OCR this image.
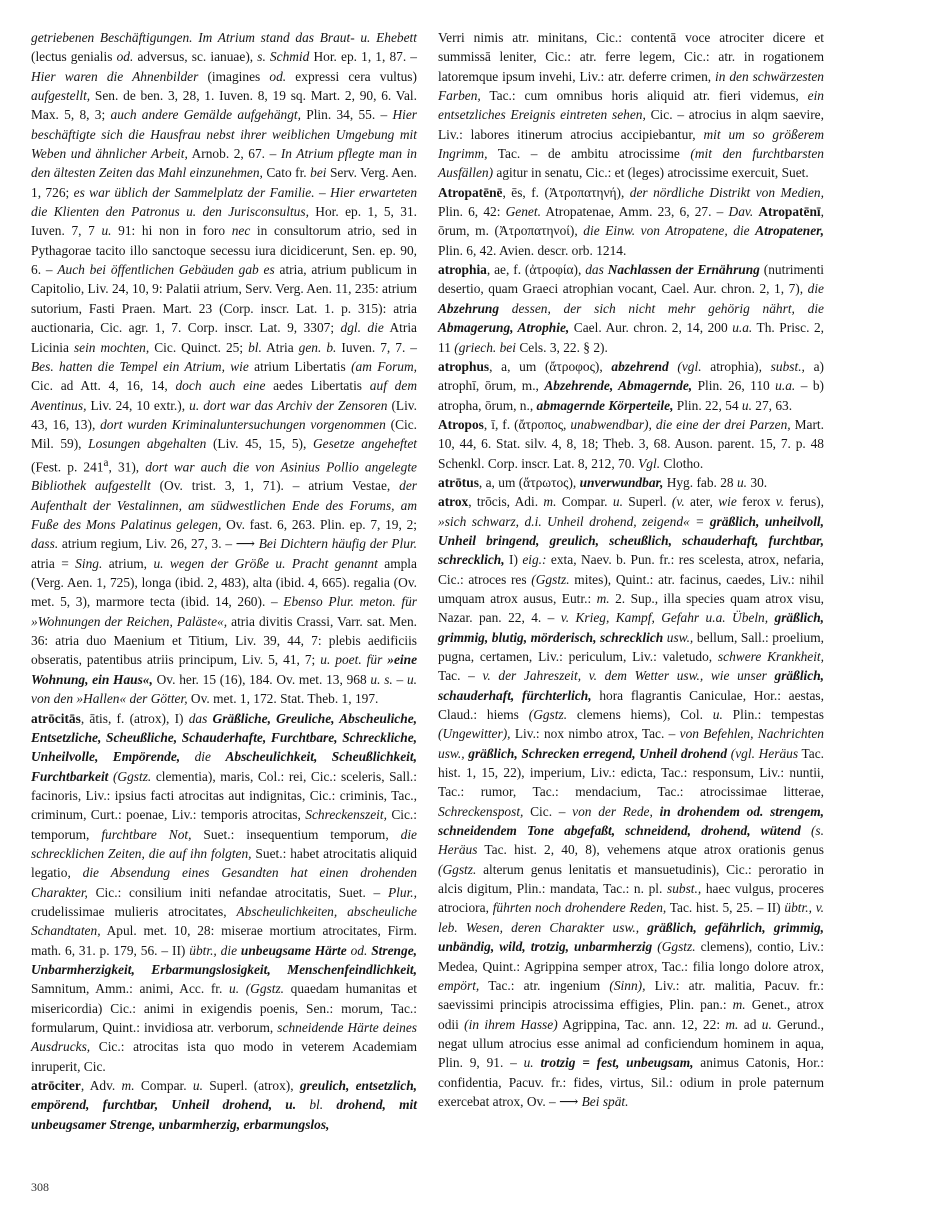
getriebenen Beschäftigungen. Im Atrium stand das Braut- u. Ehebett (lectus genialis od. adversus, sc. ianuae), s. Schmid Hor. ep. 1, 1, 87. – Hier waren die Ahnenbilder (imagines od. expressi cera vultus) aufgestellt, Sen. de ben. 3, 28, 1. Iuven. 8, 19 sq. Mart. 2, 90, 6. Val. Max. 5, 8, 3; auch andere Gemälde aufgehängt, Plin. 34, 55. – Hier beschäftigte sich die Hausfrau nebst ihrer weiblichen Umgebung mit Weben und ähnlicher Arbeit, Arnob. 2, 67. – In Atrium pflegte man in den ältesten Zeiten das Mahl einzunehmen, Cato fr. bei Serv. Verg. Aen. 1, 726; es war üblich der Sammelplatz der Familie. – Hier erwarteten die Klienten den Patronus u. den Jurisconsultus, Hor. ep. 1, 5, 31. Iuven. 7, 7 u. 91: hi non in foro nec in consultorum atrio, sed in Pythagorae tacito illo sanctoque secessu iura dicidicerunt, Sen. ep. 90, 6. – Auch bei öffentlichen Gebäuden gab es atria, atrium publicum in Capitolio, Liv. 24, 10, 9: Palatii atrium, Serv. Verg. Aen. 11, 235: atrium sutorium, Fasti Praen. Mart. 23 (Corp. inscr. Lat. 1. p. 315): atria auctionaria, Cic. agr. 1, 7. Corp. inscr. Lat. 9, 3307; dgl. die Atria Licinia sein mochten, Cic. Quinct. 25; bl. Atria gen. b. Iuven. 7, 7. – Bes. hatten die Tempel ein Atrium, wie atrium Libertatis (am Forum, Cic. ad Att. 4, 16, 14, doch auch eine aedes Libertatis auf dem Aventinus, Liv. 24, 10 extr.), u. dort war das Archiv der Zensoren (Liv. 43, 16, 13), dort wurden Kriminaluntersuchungen vorgenommen (Cic. Mil. 59), Losungen abgehalten (Liv. 45, 15, 5), Gesetze angeheftet (Fest. p. 241$^a$, 31), dort war auch die von Asinius Pollio angelegte Bibliothek aufgestellt (Ov. trist. 3, 1, 71). – atrium Vestae, der Aufenthalt der Vestalinnen, am südwestlichen Ende des Forums, am Fuße des Mons Palatinus gelegen, Ov. fast. 6, 263. Plin. ep. 7, 19, 2; dass. atrium regium, Liv. 26, 27, 3. – ⟶ Bei Dichtern häufig der Plur. atria = Sing. atrium, u. wegen der Größe u. Pracht genannt ampla (Verg. Aen. 1, 725), longa (ibid. 2, 483), alta (ibid. 4, 665). regalia (Ov. met. 5, 3), marmore tecta (ibid. 14, 260). – Ebenso Plur. meton. für »Wohnungen der Reichen, Paläste«, atria divitis Crassi, Varr. sat. Men. 36: atria duo Maenium et Titium, Liv. 39, 44, 7: plebis aedificiis obseratis, patentibus atriis principum, Liv. 5, 41, 7; u. poet. für »eine Wohnung, ein Haus«, Ov. her. 15 (16), 184. Ov. met. 13, 968 u. s. – u. von den »Hallen« der Götter, Ov. met. 1, 172. Stat. Theb. 1, 197.

atrōcitās, ātis, f. (atrox), I) das Gräßliche, Greuliche, Abscheuliche, Entsetzliche, Scheußliche, Schauderhafte, Furchtbare, Schreckliche, Unheilvolle, Empörende, die Abscheulichkeit, Scheußlichkeit, Furchtbarkeit (Ggstz. clementia), maris, Col.: rei, Cic.: sceleris, Sall.: facinoris, Liv.: ipsius facti atrocitas aut indignitas, Cic.: criminis, Tac., criminum, Curt.: poenae, Liv.: temporis atrocitas, Schreckenszeit, Cic.: temporum, furchtbare Not, Suet.: insequentium temporum, die schrecklichen Zeiten, die auf ihn folgten, Suet.: habet atrocitatis aliquid legatio, die Absendung eines Gesandten hat einen drohenden Charakter, Cic.: consilium initi nefandae atrocitatis, Suet. – Plur., crudelissimae mulieris atrocitates, Abscheulichkeiten, abscheuliche Schandtaten, Apul. met. 10, 28: miserae mortium atrocitates, Firm. math. 6, 31. p. 179, 56. – II) übtr., die unbeugsame Härte od. Strenge, Unbarmherzigkeit, Erbarmungslosigkeit, Menschenfeindlichkeit, Samnitum, Amm.: animi, Acc. fr. u. (Ggstz. quaedam humanitas et misericordia) Cic.: animi in exigendis poenis, Sen.: morum, Tac.: formularum, Quint.: invidiosa atr. verborum, schneidende Härte deines Ausdrucks, Cic.: atrocitas ista quo modo in veterem Academiam inruperit, Cic.

atrōciter, Adv. m. Compar. u. Superl. (atrox), greulich, entsetzlich, empörend, furchtbar, Unheil drohend, u. bl. drohend, mit unbeugsamer Strenge, unbarmherzig, erbarmungslos,

Verri nimis atr. minitans, Cic.: contentā voce atrociter dicere et summissā leniter, Cic.: atr. ferre legem, Cic.: atr. in rogationem latoremque ipsum invehi, Liv.: atr. deferre crimen, in den schwärzesten Farben, Tac.: cum omnibus horis aliquid atr. fieri videmus, ein entsetzliches Ereignis eintreten sehen, Cic. – atrocius in alqm saevire, Liv.: labores itinerum atrocius accipiebantur, mit um so größerem Ingrimm, Tac. – de ambitu atrocissime (mit den furchtbarsten Ausfällen) agitur in senatu, Cic.: et (leges) atrocissime exercuit, Suet.

Atropatēnē, ēs, f. (Ἀτροπατηνή), der nördliche Distrikt von Medien, Plin. 6, 42: Genet. Atropatenae, Amm. 23, 6, 27. – Dav. Atropatēnī, ōrum, m. (Ἀτροπατηνοί), die Einw. von Atropatene, die Atropatener, Plin. 6, 42. Avien. descr. orb. 1214.

atrophia, ae, f. (ἀτροφία), das Nachlassen der Ernährung (nutrimenti desertio, quam Graeci atrophian vocant, Cael. Aur. chron. 2, 1, 7), die Abzehrung dessen, der sich nicht mehr gehörig nährt, die Abmagerung, Atrophie, Cael. Aur. chron. 2, 14, 200 u.a. Th. Prisc. 2, 11 (griech. bei Cels. 3, 22. § 2).

atrophus, a, um (ἄτροφος), abzehrend (vgl. atrophia), subst., a) atrophī, ōrum, m., Abzehrende, Abmagernde, Plin. 26, 110 u.a. – b) atropha, ōrum, n., abmagernde Körperteile, Plin. 22, 54 u. 27, 63.

Atropos, ī, f. (ἄτροπος, unabwendbar), die eine der drei Parzen, Mart. 10, 44, 6. Stat. silv. 4, 8, 18; Theb. 3, 68. Auson. parent. 15, 7. p. 48 Schenkl. Corp. inscr. Lat. 8, 212, 70. Vgl. Clotho.

atrōtus, a, um (ἄτρωτος), unverwundbar, Hyg. fab. 28 u. 30.

atrox, trōcis, Adi. m. Compar. u. Superl. (v. ater, wie ferox v. ferus), »sich schwarz, d.i. Unheil drohend, zeigend« = gräßlich, unheilvoll, Unheil bringend, greulich, scheußlich, schauderhaft, furchtbar, schrecklich, I) eig.: exta, Naev. b. Pun. fr.: res scelesta, atrox, nefaria, Cic.: atroces res (Ggstz. mites), Quint.: atr. facinus, caedes, Liv.: nihil umquam atrox ausus, Eutr.: m. 2. Sup., illa species quam atrox visu, Nazar. pan. 22, 4. – v. Krieg, Kampf, Gefahr u.a. Übeln, gräßlich, grimmig, blutig, mörderisch, schrecklich usw., bellum, Sall.: proelium, pugna, certamen, Liv.: periculum, Liv.: valetudo, schwere Krankheit, Tac. – v. der Jahreszeit, v. dem Wetter usw., wie unser gräßlich, schauderhaft, fürchterlich, hora flagrantis Caniculae, Hor.: aestas, Claud.: hiems (Ggstz. clemens hiems), Col. u. Plin.: tempestas (Ungewitter), Liv.: nox nimbo atrox, Tac. – von Befehlen, Nachrichten usw., gräßlich, Schrecken erregend, Unheil drohend (vgl. Heräus Tac. hist. 1, 15, 22), imperium, Liv.: edicta, Tac.: responsum, Liv.: nuntii, Tac.: rumor, Tac.: mendacium, Tac.: atrocissimae litterae, Schreckenspost, Cic. – von der Rede, in drohendem od. strengem, schneidendem Tone abgefaßt, schneidend, drohend, wütend (s. Heräus Tac. hist. 2, 40, 8), vehemens atque atrox orationis genus (Ggstz. alterum genus lenitatis et mansuetudinis), Cic.: peroratio in alcis digitum, Plin.: mandata, Tac.: n. pl. subst., haec vulgus, proceres atrociora, führten noch drohendere Reden, Tac. hist. 5, 25. – II) übtr., v. leb. Wesen, deren Charakter usw., gräßlich, gefährlich, grimmig, unbändig, wild, trotzig, unbarmherzig (Ggstz. clemens), contio, Liv.: Medea, Quint.: Agrippina semper atrox, Tac.: filia longo dolore atrox, empört, Tac.: atr. ingenium (Sinn), Liv.: atr. malitia, Pacuv. fr.: saevissimi principis atrocissima effigies, Plin. pan.: m. Genet., atrox odii (in ihrem Hasse) Agrippina, Tac. ann. 12, 22: m. ad u. Gerund., negat ullum atrocius esse animal ad conficiendum hominem in aqua, Plin. 9, 91. – u. trotzig = fest, unbeugsam, animus Catonis, Hor.: confidentia, Pacuv. fr.: fides, virtus, Sil.: odium in prole paternum exercebat atrox, Ov. – ⟶ Bei spät.

308
